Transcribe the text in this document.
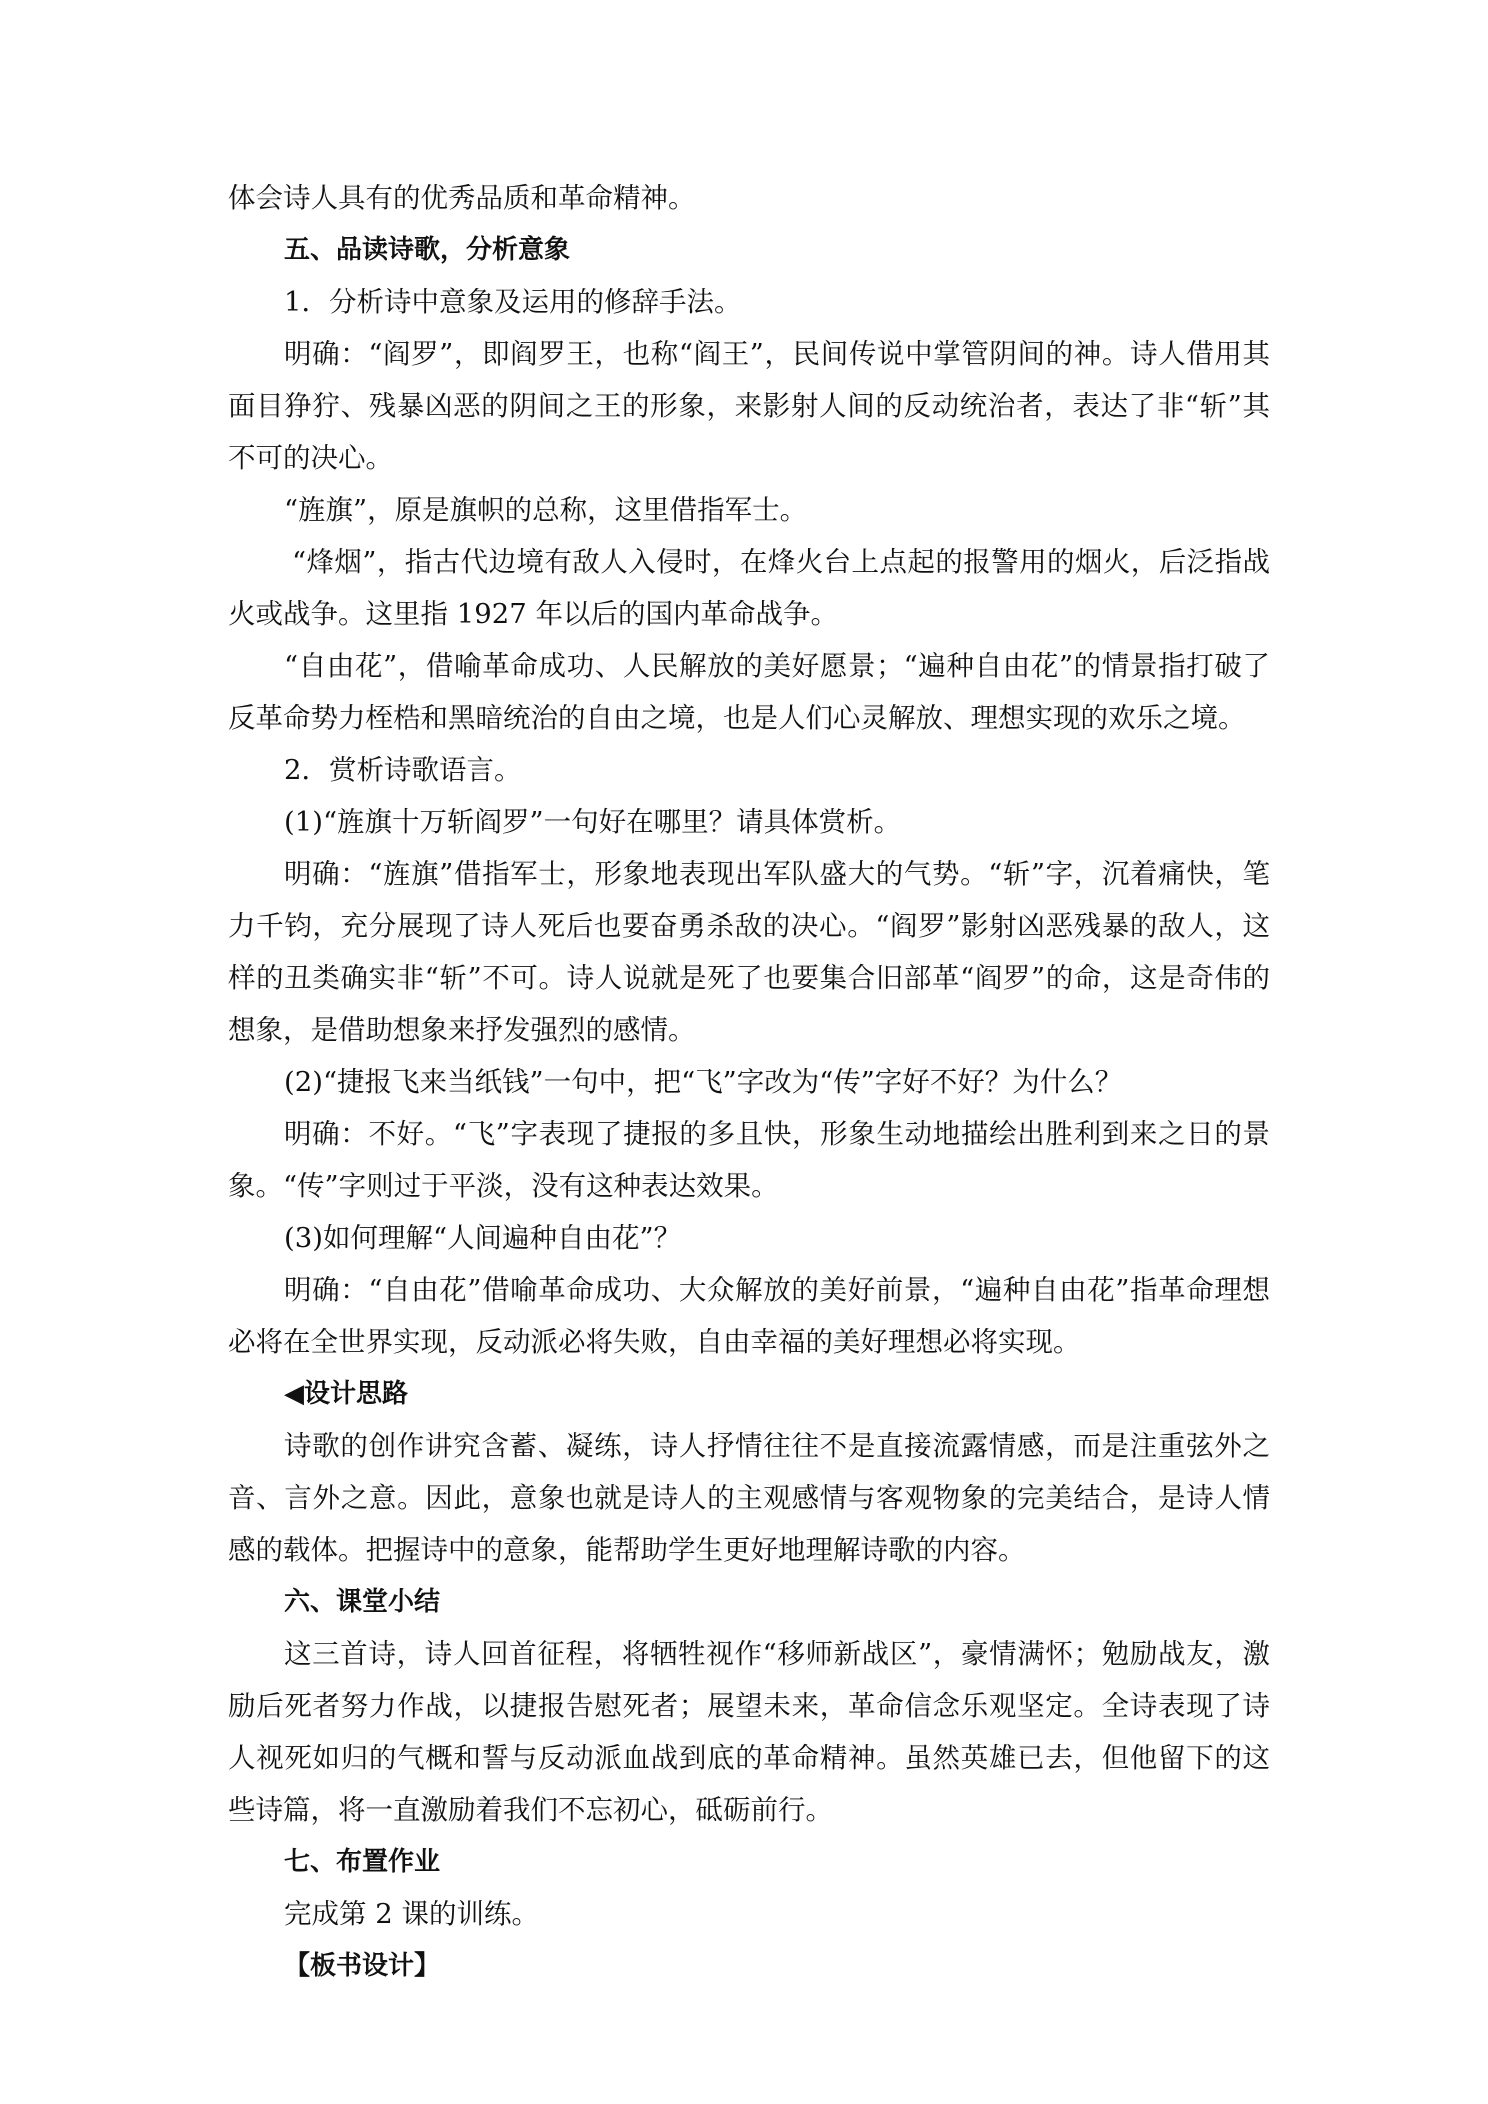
体会诗人具有的优秀品质和革命精神。

五、品读诗歌，分析意象

1．分析诗中意象及运用的修辞手法。

明确：“阎罗”，即阎罗王，也称“阎王”，民间传说中掌管阴间的神。诗人借用其面目狰狞、残暴凶恶的阴间之王的形象，来影射人间的反动统治者，表达了非“斩”其不可的决心。

“旌旗”，原是旗帜的总称，这里借指军士。

“烽烟”，指古代边境有敌人入侵时，在烽火台上点起的报警用的烟火，后泛指战火或战争。这里指 1927 年以后的国内革命战争。

“自由花”，借喻革命成功、人民解放的美好愿景；“遍种自由花”的情景指打破了反革命势力桎梏和黑暗统治的自由之境，也是人们心灵解放、理想实现的欢乐之境。

2．赏析诗歌语言。

(1)“旌旗十万斩阎罗”一句好在哪里？请具体赏析。

明确：“旌旗”借指军士，形象地表现出军队盛大的气势。“斩”字，沉着痛快，笔力千钧，充分展现了诗人死后也要奋勇杀敌的决心。“阎罗”影射凶恶残暴的敌人，这样的丑类确实非“斩”不可。诗人说就是死了也要集合旧部革“阎罗”的命，这是奇伟的想象，是借助想象来抒发强烈的感情。

(2)“捷报飞来当纸钱”一句中，把“飞”字改为“传”字好不好？为什么？

明确：不好。“飞”字表现了捷报的多且快，形象生动地描绘出胜利到来之日的景象。“传”字则过于平淡，没有这种表达效果。

(3)如何理解“人间遍种自由花”？

明确：“自由花”借喻革命成功、大众解放的美好前景，“遍种自由花”指革命理想必将在全世界实现，反动派必将失败，自由幸福的美好理想必将实现。

◀设计思路

诗歌的创作讲究含蓄、凝练，诗人抒情往往不是直接流露情感，而是注重弦外之音、言外之意。因此，意象也就是诗人的主观感情与客观物象的完美结合，是诗人情感的载体。把握诗中的意象，能帮助学生更好地理解诗歌的内容。

六、课堂小结

这三首诗，诗人回首征程，将牺牲视作“移师新战区”，豪情满怀；勉励战友，激励后死者努力作战，以捷报告慰死者；展望未来，革命信念乐观坚定。全诗表现了诗人视死如归的气概和誓与反动派血战到底的革命精神。虽然英雄已去，但他留下的这些诗篇，将一直激励着我们不忘初心，砥砺前行。

七、布置作业

完成第 2 课的训练。

【板书设计】
